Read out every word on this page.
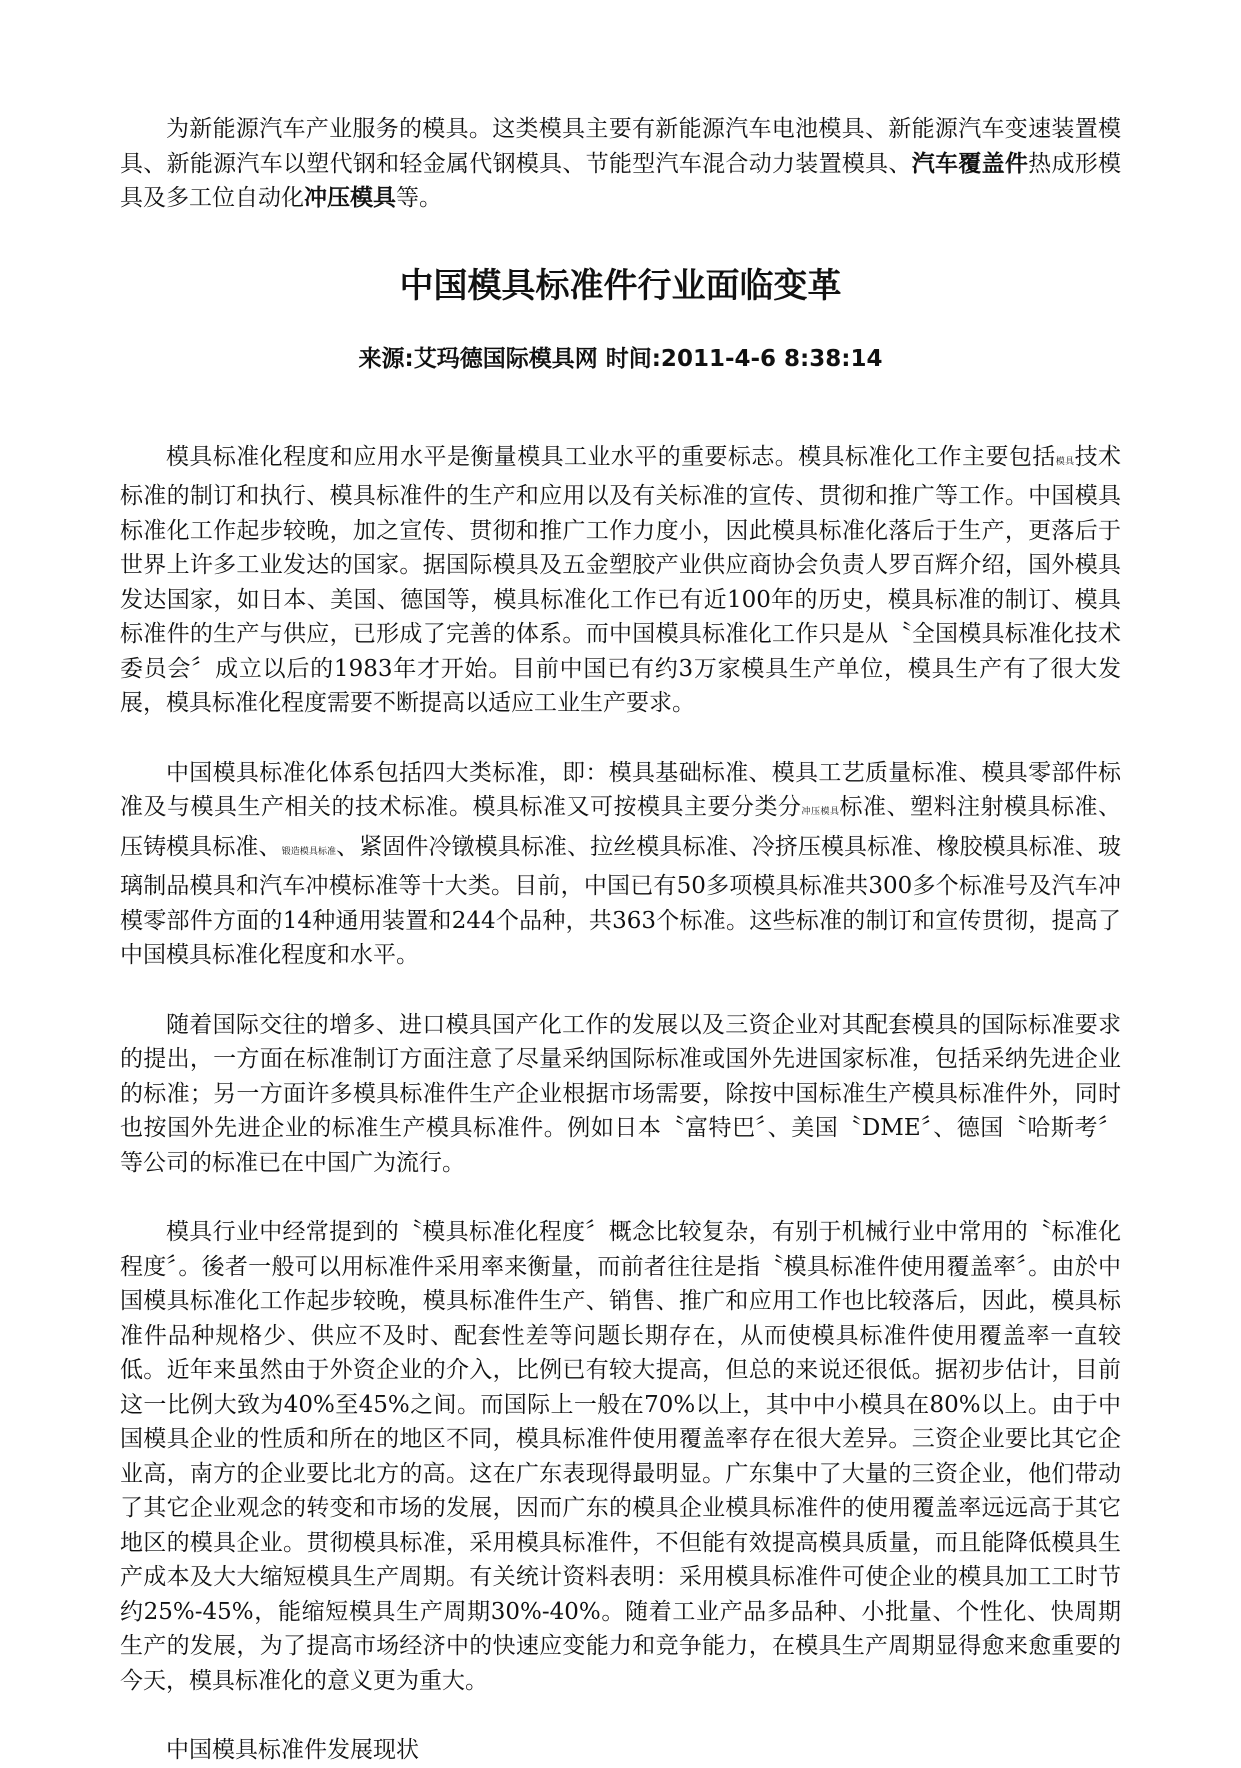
为新能源汽车产业服务的模具。这类模具主要有新能源汽车电池模具、新能源汽车变速装置模具、新能源汽车以塑代钢和轻金属代钢模具、节能型汽车混合动力装置模具、汽车覆盖件热成形模具及多工位自动化冲压模具等。

中国模具标准件行业面临变革
来源:艾玛德国际模具网 时间:2011-4-6 8:38:14

模具标准化程度和应用水平是衡量模具工业水平的重要标志。模具标准化工作主要包括模具技术标准的制订和执行、模具标准件的生产和应用以及有关标准的宣传、贯彻和推广等工作。中国模具标准化工作起步较晚，加之宣传、贯彻和推广工作力度小，因此模具标准化落后于生产，更落后于世界上许多工业发达的国家。据国际模具及五金塑胶产业供应商协会负责人罗百辉介绍，国外模具发达国家，如日本、美国、德国等，模具标准化工作已有近100年的历史，模具标准的制订、模具标准件的生产与供应，已形成了完善的体系。而中国模具标准化工作只是从〝全国模具标准化技术委员会〞成立以后的1983年才开始。目前中国已有约3万家模具生产单位，模具生产有了很大发展，模具标准化程度需要不断提高以适应工业生产要求。

中国模具标准化体系包括四大类标准，即：模具基础标准、模具工艺质量标准、模具零部件标准及与模具生产相关的技术标准。模具标准又可按模具主要分类分冲压模具标准、塑料注射模具标准、压铸模具标准、锻造模具标准、紧固件冷镦模具标准、拉丝模具标准、冷挤压模具标准、橡胶模具标准、玻璃制品模具和汽车冲模标准等十大类。目前，中国已有50多项模具标准共300多个标准号及汽车冲模零部件方面的14种通用装置和244个品种，共363个标准。这些标准的制订和宣传贯彻，提高了中国模具标准化程度和水平。

随着国际交往的增多、进口模具国产化工作的发展以及三资企业对其配套模具的国际标准要求的提出，一方面在标准制订方面注意了尽量采纳国际标准或国外先进国家标准，包括采纳先进企业的标准；另一方面许多模具标准件生产企业根据市场需要，除按中国标准生产模具标准件外，同时也按国外先进企业的标准生产模具标准件。例如日本〝富特巴〞、美国〝DME〞、德国〝哈斯考〞等公司的标准已在中国广为流行。

模具行业中经常提到的〝模具标准化程度〞概念比较复杂，有别于机械行业中常用的〝标准化程度〞。後者一般可以用标准件采用率来衡量，而前者往往是指〝模具标准件使用覆盖率〞。由於中国模具标准化工作起步较晚，模具标准件生产、销售、推广和应用工作也比较落后，因此，模具标准件品种规格少、供应不及时、配套性差等问题长期存在，从而使模具标准件使用覆盖率一直较低。近年来虽然由于外资企业的介入，比例已有较大提高，但总的来说还很低。据初步估计，目前这一比例大致为40%至45%之间。而国际上一般在70%以上，其中中小模具在80%以上。由于中国模具企业的性质和所在的地区不同，模具标准件使用覆盖率存在很大差异。三资企业要比其它企业高，南方的企业要比北方的高。这在广东表现得最明显。广东集中了大量的三资企业，他们带动了其它企业观念的转变和市场的发展，因而广东的模具企业模具标准件的使用覆盖率远远高于其它地区的模具企业。贯彻模具标准，采用模具标准件，不但能有效提高模具质量，而且能降低模具生产成本及大大缩短模具生产周期。有关统计资料表明：采用模具标准件可使企业的模具加工工时节约25%-45%，能缩短模具生产周期30%-40%。随着工业产品多品种、小批量、个性化、快周期生产的发展，为了提高市场经济中的快速应变能力和竞争能力，在模具生产周期显得愈来愈重要的今天，模具标准化的意义更为重大。

中国模具标准件发展现状
